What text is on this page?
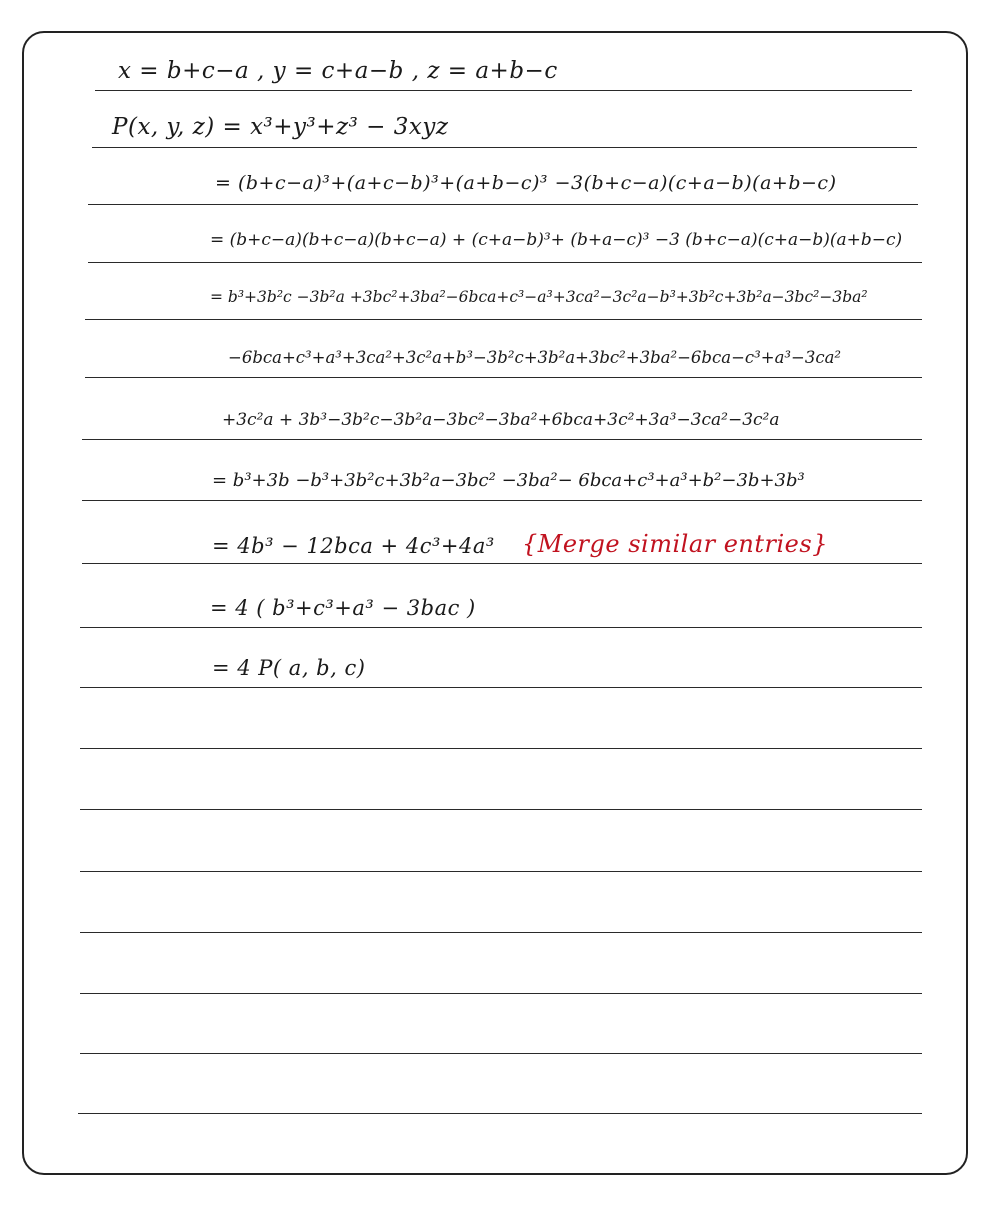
x = b+c−a , y = c+a−b , z = a+b−c
P(x, y, z) = x³+y³+z³ − 3xyz
= (b+c−a)³+(a+c−b)³+(a+b−c)³ −3(b+c−a)(c+a−b)(a+b−c)
= (b+c−a)(b+c−a)(b+c−a) + (c+a−b)³+ (b+a−c)³ −3 (b+c−a)(c+a−b)(a+b−c)
= b³+3b²c −3b²a +3bc²+3ba²−6bca+c³−a³+3ca²−3c²a−b³+3b²c+3b²a−3bc²−3ba²
−6bca+c³+a³+3ca²+3c²a+b³−3b²c+3b²a+3bc²+3ba²−6bca−c³+a³−3ca²
+3c²a + 3b³−3b²c−3b²a−3bc²−3ba²+6bca+3c²+3a³−3ca²−3c²a
= b³+3b −b³+3b²c+3b²a−3bc² −3ba²− 6bca+c³+a³+b²−3b+3b³
= 4b³ − 12bca + 4c³+4a³ {Merge similar entries}
= 4 ( b³+c³+a³ − 3bac )
= 4 P( a, b, c)
